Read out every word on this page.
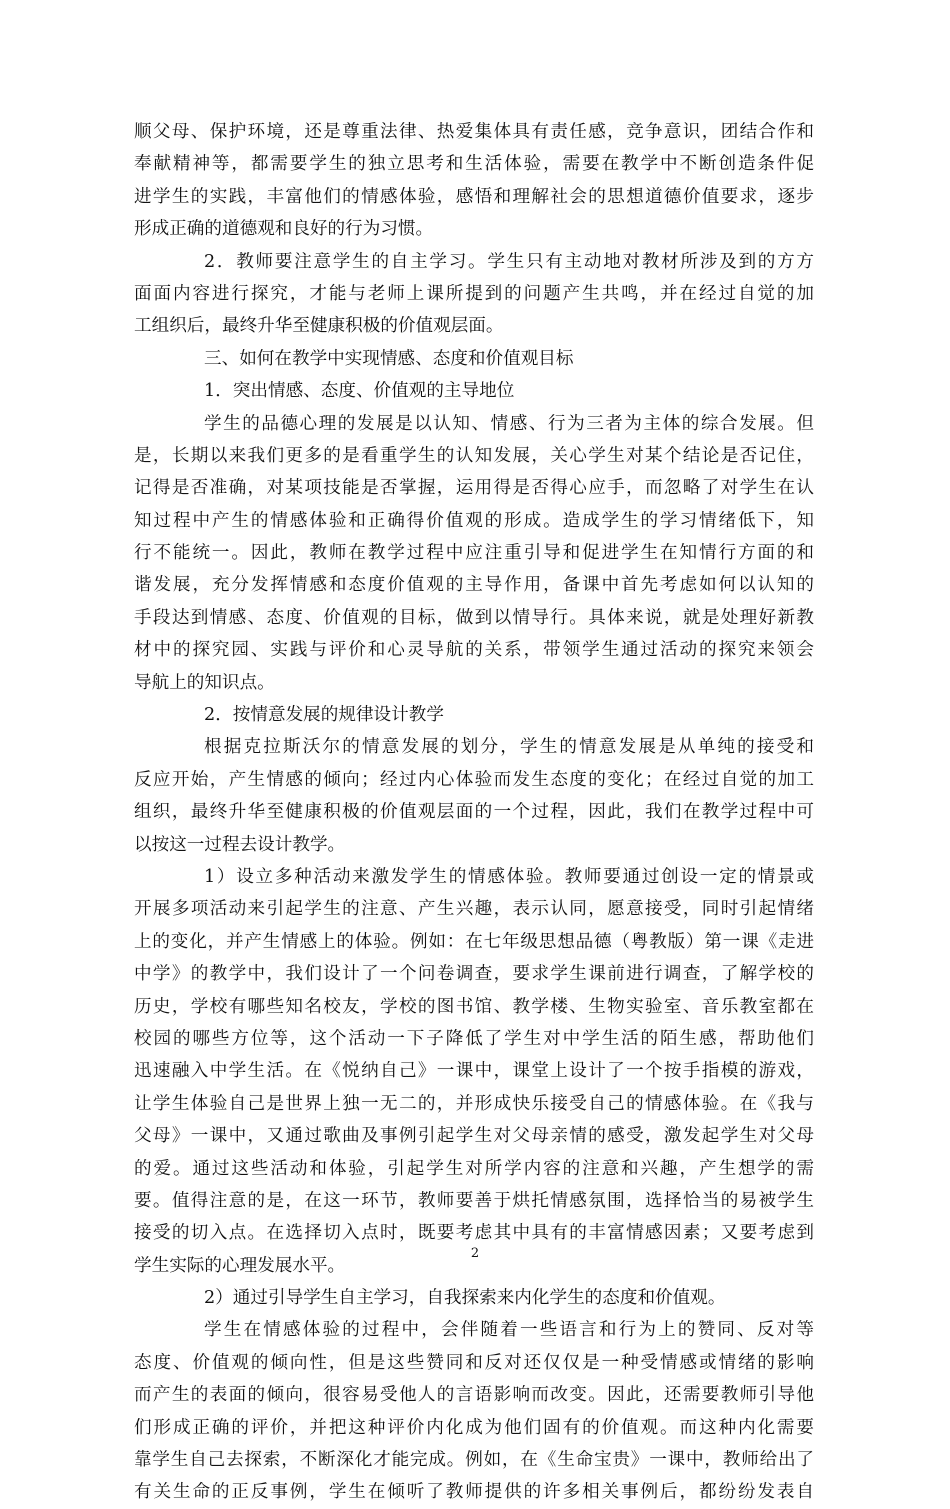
顺父母、保护环境，还是尊重法律、热爱集体具有责任感，竞争意识，团结合作和
奉献精神等，都需要学生的独立思考和生活体验，需要在教学中不断创造条件促
进学生的实践，丰富他们的情感体验，感悟和理解社会的思想道德价值要求，逐步
形成正确的道德观和良好的行为习惯。
2．教师要注意学生的自主学习。学生只有主动地对教材所涉及到的方方
面面内容进行探究，才能与老师上课所提到的问题产生共鸣，并在经过自觉的加
工组织后，最终升华至健康积极的价值观层面。
三、如何在教学中实现情感、态度和价值观目标
1．突出情感、态度、价值观的主导地位
学生的品德心理的发展是以认知、情感、行为三者为主体的综合发展。但
是，长期以来我们更多的是看重学生的认知发展，关心学生对某个结论是否记住，
记得是否准确，对某项技能是否掌握，运用得是否得心应手，而忽略了对学生在认
知过程中产生的情感体验和正确得价值观的形成。造成学生的学习情绪低下，知
行不能统一。因此，教师在教学过程中应注重引导和促进学生在知情行方面的和
谐发展，充分发挥情感和态度价值观的主导作用，备课中首先考虑如何以认知的
手段达到情感、态度、价值观的目标，做到以情导行。具体来说，就是处理好新教
材中的探究园、实践与评价和心灵导航的关系，带领学生通过活动的探究来领会
导航上的知识点。
2．按情意发展的规律设计教学
根据克拉斯沃尔的情意发展的划分，学生的情意发展是从单纯的接受和
反应开始，产生情感的倾向；经过内心体验而发生态度的变化；在经过自觉的加工
组织，最终升华至健康积极的价值观层面的一个过程，因此，我们在教学过程中可
以按这一过程去设计教学。
1）设立多种活动来激发学生的情感体验。教师要通过创设一定的情景或
开展多项活动来引起学生的注意、产生兴趣，表示认同，愿意接受，同时引起情绪
上的变化，并产生情感上的体验。例如：在七年级思想品德（粤教版）第一课《走进
中学》的教学中，我们设计了一个问卷调查，要求学生课前进行调查，了解学校的
历史，学校有哪些知名校友，学校的图书馆、教学楼、生物实验室、音乐教室都在
校园的哪些方位等，这个活动一下子降低了学生对中学生活的陌生感，帮助他们
迅速融入中学生活。在《悦纳自己》一课中，课堂上设计了一个按手指模的游戏，
让学生体验自己是世界上独一无二的，并形成快乐接受自己的情感体验。在《我与
父母》一课中，又通过歌曲及事例引起学生对父母亲情的感受，激发起学生对父母
的爱。通过这些活动和体验，引起学生对所学内容的注意和兴趣，产生想学的需
要。值得注意的是，在这一环节，教师要善于烘托情感氛围，选择恰当的易被学生
接受的切入点。在选择切入点时，既要考虑其中具有的丰富情感因素；又要考虑到
学生实际的心理发展水平。
2）通过引导学生自主学习，自我探索来内化学生的态度和价值观。
学生在情感体验的过程中，会伴随着一些语言和行为上的赞同、反对等
态度、价值观的倾向性，但是这些赞同和反对还仅仅是一种受情感或情绪的影响
而产生的表面的倾向，很容易受他人的言语影响而改变。因此，还需要教师引导他
们形成正确的评价，并把这种评价内化成为他们固有的价值观。而这种内化需要
靠学生自己去探索，不断深化才能完成。例如，在《生命宝贵》一课中，教师给出了
有关生命的正反事例，学生在倾听了教师提供的许多相关事例后，都纷纷发表自
2
